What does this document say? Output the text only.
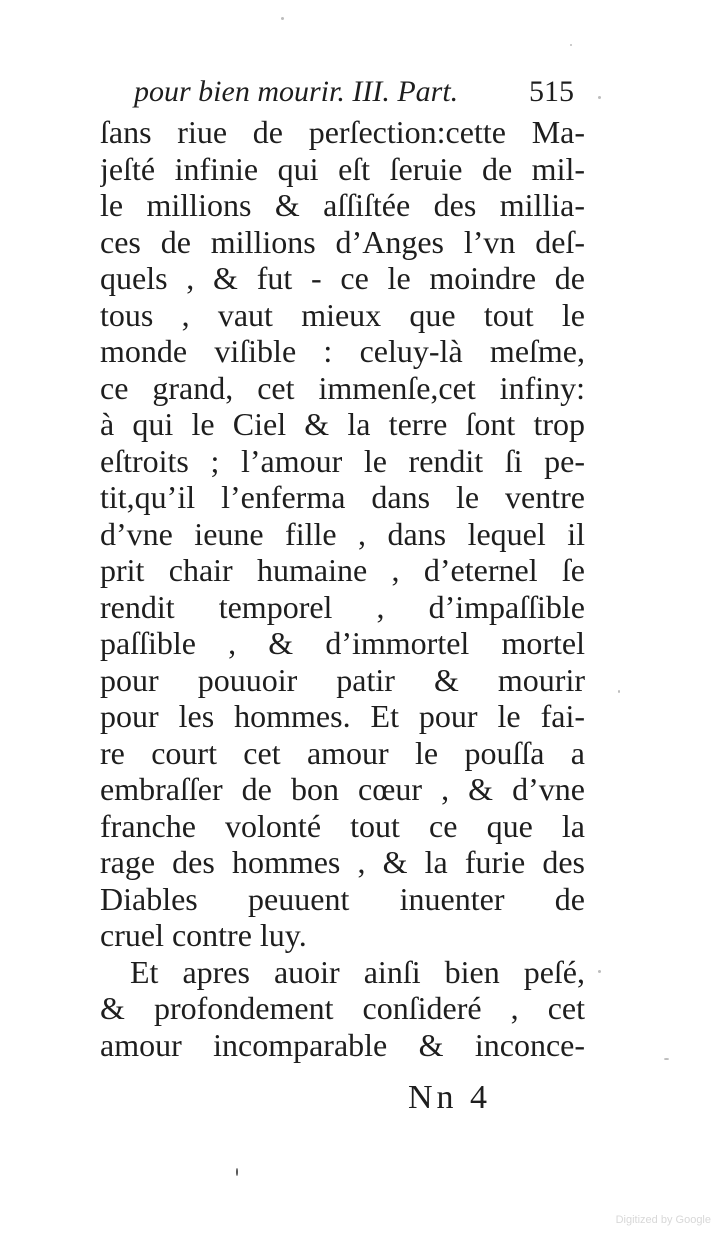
pour bien mourir. III. Part. 515
ſans riue de perſection:cette Ma-
jeſté infinie qui eſt ſeruie de mil-
le millions & aſſiſtée des millia-
ces de millions d’Anges l’vn deſ-
quels , & fut - ce le moindre de
tous , vaut mieux que tout le
monde viſible : celuy-là meſme,
ce grand, cet immenſe,cet infiny:
à qui le Ciel & la terre ſont trop
eſtroits ; l’amour le rendit ſi pe-
tit,qu’il l’enferma dans le ventre
d’vne ieune fille , dans lequel il
prit chair humaine , d’eternel ſe
rendit temporel , d’impaſſible
paſſible , & d’immortel mortel
pour pouuoir patir & mourir
pour les hommes. Et pour le fai-
re court cet amour le pouſſa a
embraſſer de bon cœur , & d’vne
franche volonté tout ce que la
rage des hommes , & la furie des
Diables peuuent inuenter de
cruel contre luy.
Et apres auoir ainſi bien peſé,
& profondement conſideré , cet
amour incomparable & inconce-
Nn 4
Digitized by Google
